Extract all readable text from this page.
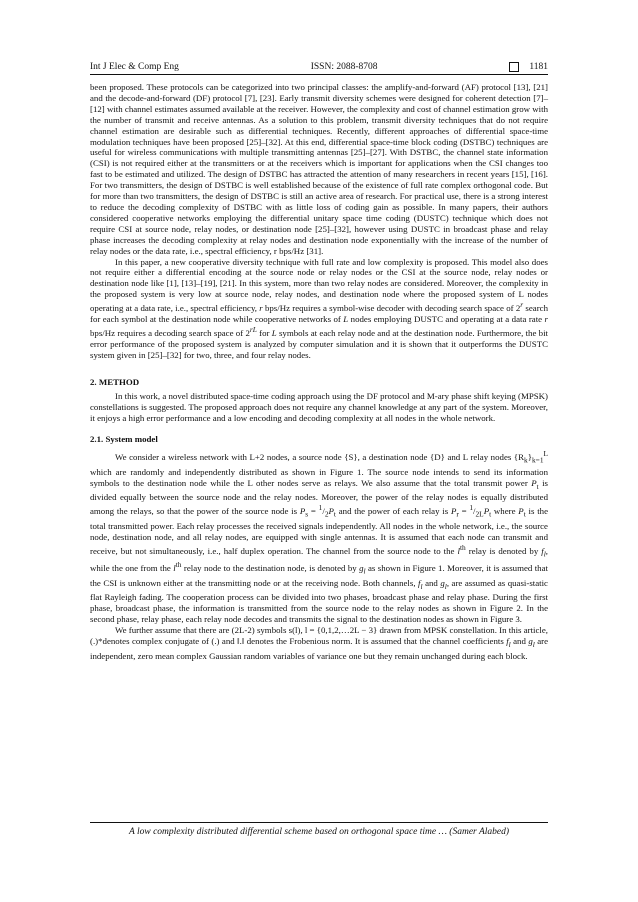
Int J Elec & Comp Eng	ISSN: 2088-8708	1181

been proposed. These protocols can be categorized into two principal classes: the amplify-and-forward (AF) protocol [13], [21] and the decode-and-forward (DF) protocol [7], [23]. Early transmit diversity schemes were designed for coherent detection [7]–[12] with channel estimates assumed available at the receiver. However, the complexity and cost of channel estimation grow with the number of transmit and receive antennas. As a solution to this problem, transmit diversity techniques that do not require channel estimation are desirable such as differential techniques. Recently, different approaches of differential space-time modulation techniques have been proposed [25]–[32]. At this end, differential space-time block coding (DSTBC) techniques are useful for wireless communications with multiple transmitting antennas [25]–[27]. With DSTBC, the channel state information (CSI) is not required either at the transmitters or at the receivers which is important for applications when the CSI changes too fast to be estimated and utilized. The design of DSTBC has attracted the attention of many researchers in recent years [15], [16]. For two transmitters, the design of DSTBC is well established because of the existence of full rate complex orthogonal code. But for more than two transmitters, the design of DSTBC is still an active area of research. For practical use, there is a strong interest to reduce the decoding complexity of DSTBC with as little loss of coding gain as possible. In many papers, their authors considered cooperative networks employing the differential unitary space time coding (DUSTC) technique which does not require CSI at source node, relay nodes, or destination node [25]–[32], however using DUSTC in broadcast phase and relay phase increases the decoding complexity at relay nodes and destination node exponentially with the increase of the number of relay nodes or the data rate, i.e., spectral efficiency, r bps/Hz [31].

In this paper, a new cooperative diversity technique with full rate and low complexity is proposed. This model also does not require either a differential encoding at the source node or relay nodes or the CSI at the source node, relay nodes or destination node like [1], [13]–[19], [21]. In this system, more than two relay nodes are considered. Moreover, the complexity in the proposed system is very low at source node, relay nodes, and destination node where the proposed system of L nodes operating at a data rate, i.e., spectral efficiency, r bps/Hz requires a symbol-wise decoder with decoding search space of 2$^r$ search for each symbol at the destination node while cooperative networks of L nodes employing DUSTC and operating at a data rate r bps/Hz requires a decoding search space of $2^{rL}$ for L symbols at each relay node and at the destination node. Furthermore, the bit error performance of the proposed system is analyzed by computer simulation and it is shown that it outperforms the DUSTC system given in [25]–[32] for two, three, and four relay nodes.

2. METHOD

In this work, a novel distributed space-time coding approach using the DF protocol and M-ary phase shift keying (MPSK) constellations is suggested. The proposed approach does not require any channel knowledge at any part of the system. Moreover, it enjoys a high error performance and a low encoding and decoding complexity at all nodes in the whole network.

2.1. System model

We consider a wireless network with L+2 nodes, a source node {S}, a destination node {D} and L relay nodes $\{R_k\}_{k=1}^L$ which are randomly and independently distributed as shown in Figure 1. The source node intends to send its information symbols to the destination node while the L other nodes serve as relays. We also assume that the total transmit power $P_t$ is divided equally between the source node and the relay nodes. Moreover, the power of the relay nodes is equally distributed among the relays, so that the power of the source node is $P_s = ^1/_2P_t$ and the power of each relay is $P_r = ^1/_{2L}P_t$ where $P_t$ is the total transmitted power. Each relay processes the received signals independently. All nodes in the whole network, i.e., the source node, destination node, and all relay nodes, are equipped with single antennas. It is assumed that each node can transmit and receive, but not simultaneously, i.e., half duplex operation. The channel from the source node to the $l^{th}$ relay is denoted by $f_l$, while the one from the $l^{th}$ relay node to the destination node, is denoted by $g_l$ as shown in Figure 1. Moreover, it is assumed that the CSI is unknown either at the transmitting node or at the receiving node. Both channels, $f_l$ and $g_l$, are assumed as quasi-static flat Rayleigh fading. The cooperation process can be divided into two phases, broadcast phase and relay phase. During the first phase, broadcast phase, the information is transmitted from the source node to the relay nodes as shown in Figure 2. In the second phase, relay phase, each relay node decodes and transmits the signal to the destination nodes as shown in Figure 3.

We further assume that there are (2L-2) symbols s(l), l = {0,1,2,…2L − 3} drawn from MPSK constellation. In this article, (.)*denotes complex conjugate of (.) and ‖.‖ denotes the Frobenious norm. It is assumed that the channel coefficients $f_l$ and $g_l$ are independent, zero mean complex Gaussian random variables of variance one but they remain unchanged during each block.

A low complexity distributed differential scheme based on orthogonal space time … (Samer Alabed)
